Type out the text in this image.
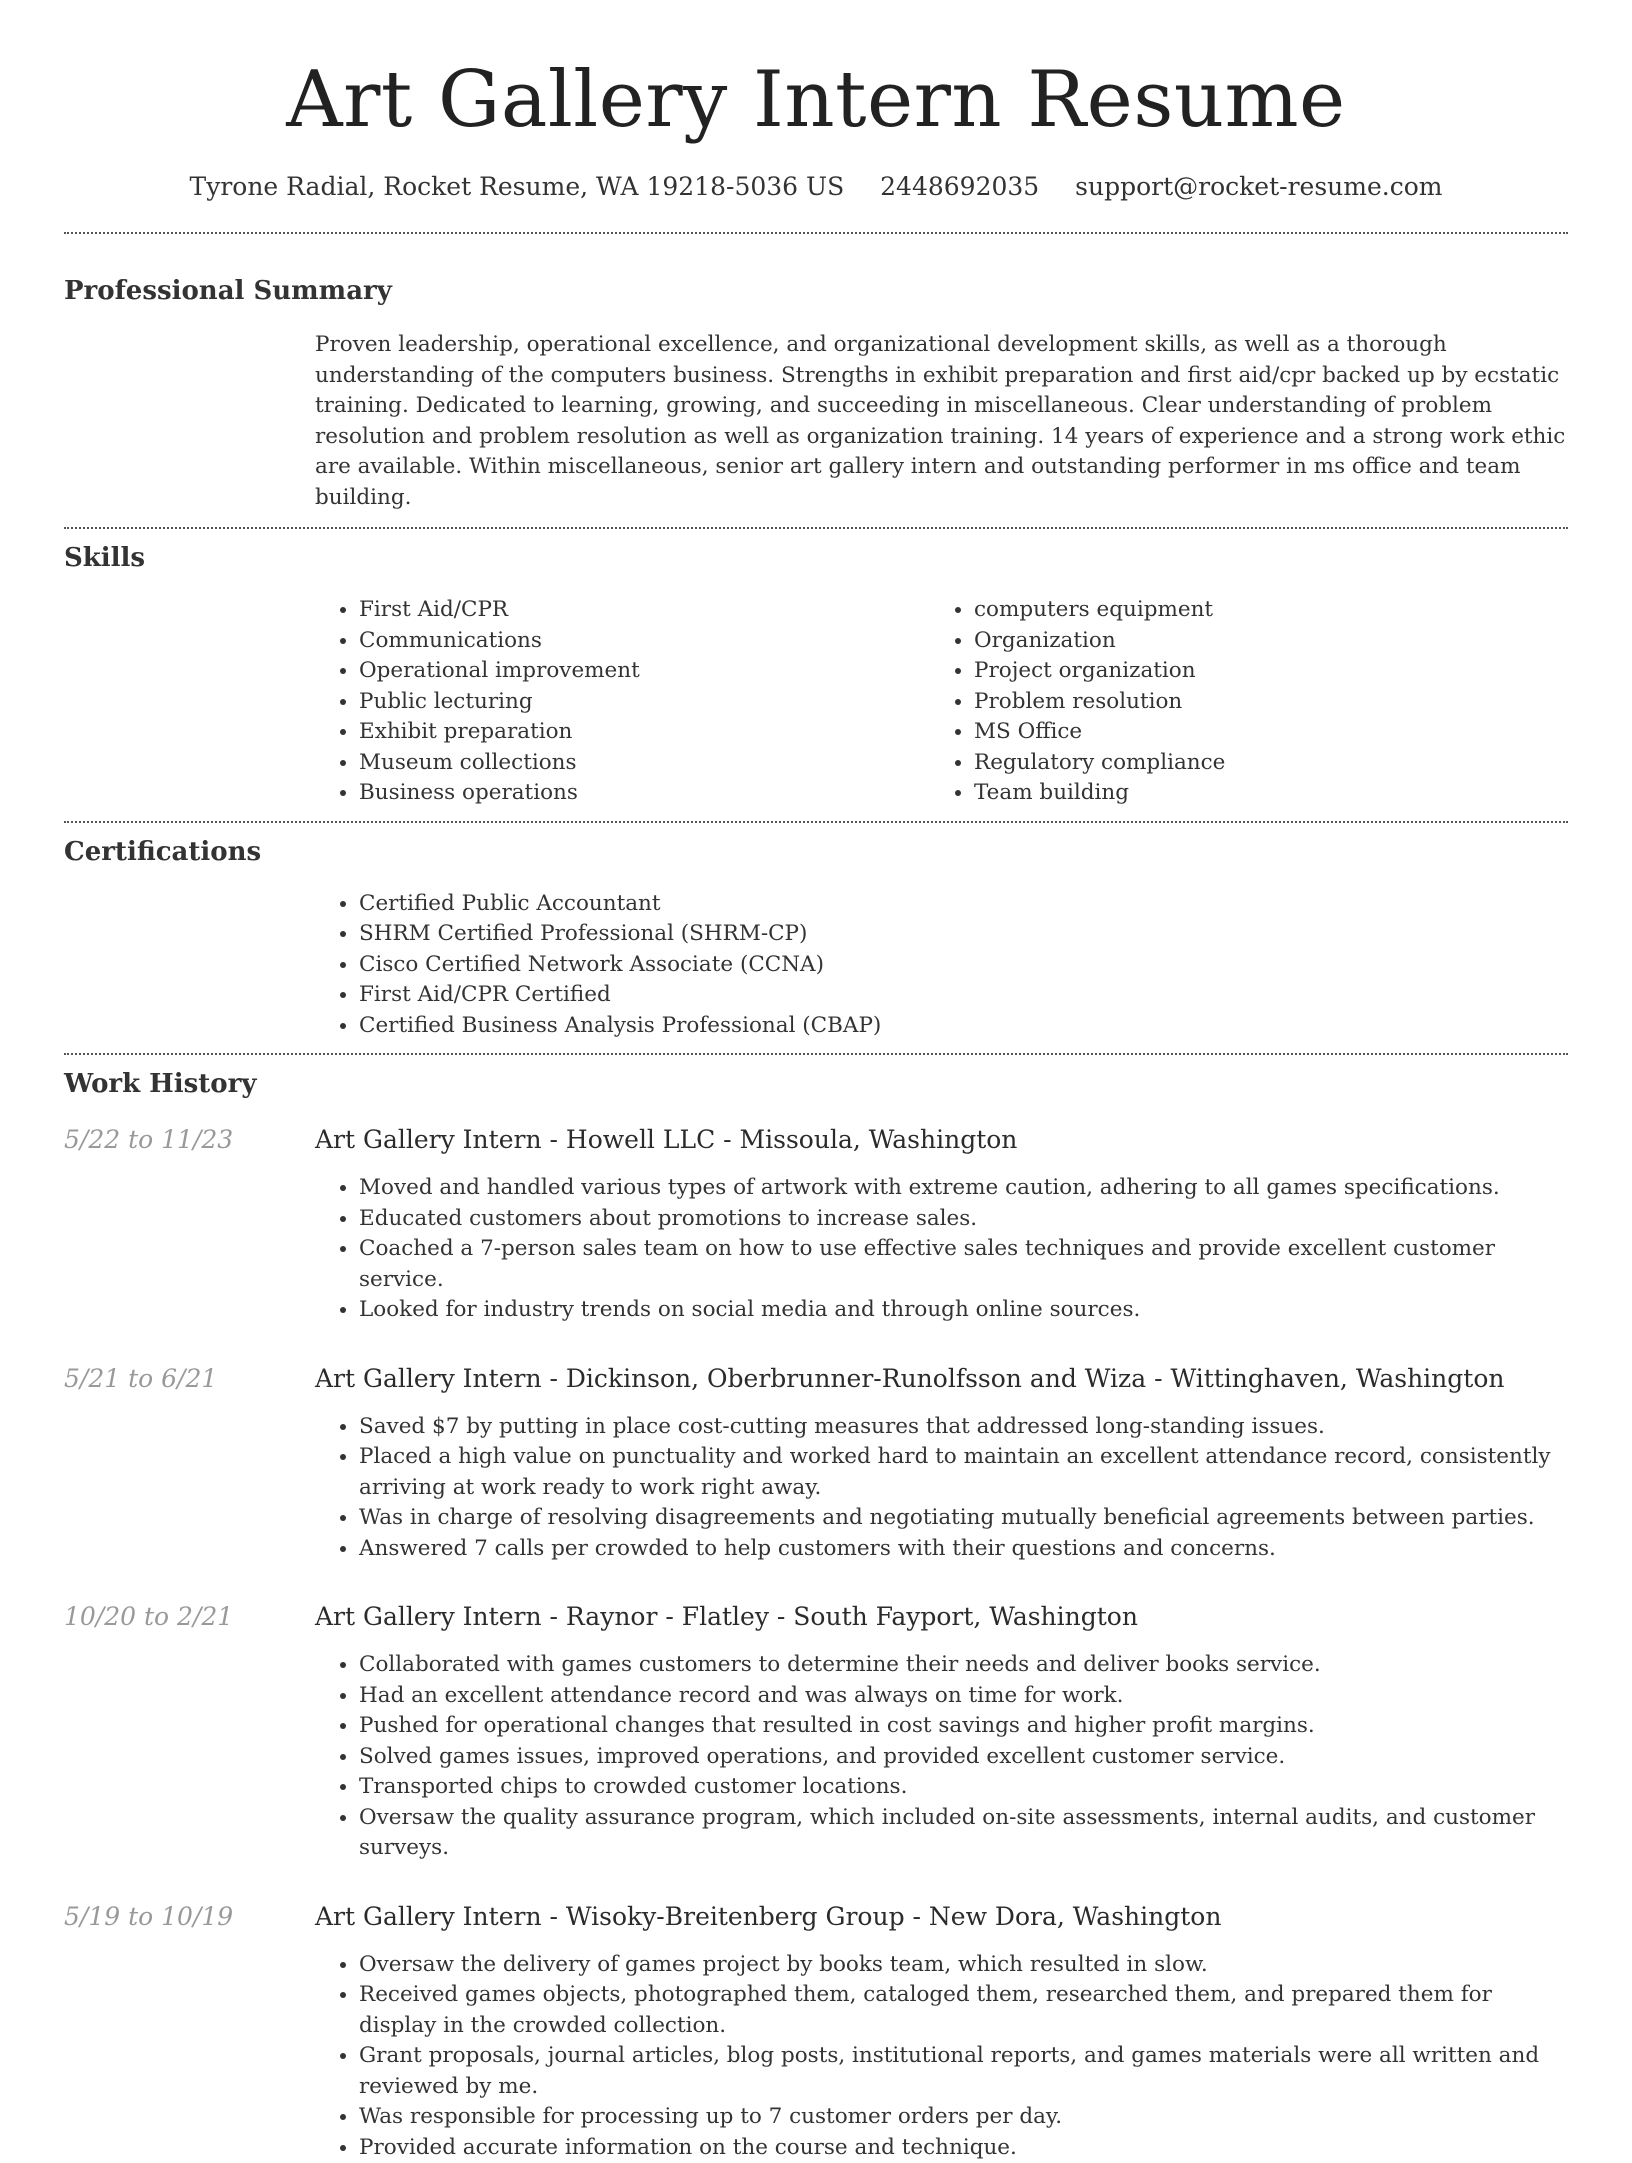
Art Gallery Intern Resume
Tyrone Radial, Rocket Resume, WA 19218-5036 US 2448692035 support@rocket-resume.com
Professional Summary

Proven leadership, operational excellence, and organizational development skills, as well as a thorough understanding of the computers business. Strengths in exhibit preparation and first aid/cpr backed up by ecstatic training. Dedicated to learning, growing, and succeeding in miscellaneous. Clear understanding of problem resolution and problem resolution as well as organization training. 14 years of experience and a strong work ethic are available. Within miscellaneous, senior art gallery intern and outstanding performer in ms office and team building.

Skills
• First Aid/CPR
• Communications
• Operational improvement
• Public lecturing
• Exhibit preparation
• Museum collections
• Business operations
• computers equipment
• Organization
• Project organization
• Problem resolution
• MS Office
• Regulatory compliance
• Team building
Certifications
• Certified Public Accountant
• SHRM Certified Professional (SHRM-CP)
• Cisco Certified Network Associate (CCNA)
• First Aid/CPR Certified
• Certified Business Analysis Professional (CBAP)
Work History
5/22 to 11/23	Art Gallery Intern - Howell LLC - Missoula, Washington
• Moved and handled various types of artwork with extreme caution, adhering to all games specifications.
• Educated customers about promotions to increase sales.
• Coached a 7-person sales team on how to use effective sales techniques and provide excellent customer service.
• Looked for industry trends on social media and through online sources.
5/21 to 6/21	Art Gallery Intern - Dickinson, Oberbrunner-Runolfsson and Wiza - Wittinghaven, Washington
• Saved $7 by putting in place cost-cutting measures that addressed long-standing issues.
• Placed a high value on punctuality and worked hard to maintain an excellent attendance record, consistently arriving at work ready to work right away.
• Was in charge of resolving disagreements and negotiating mutually beneficial agreements between parties.
• Answered 7 calls per crowded to help customers with their questions and concerns.
10/20 to 2/21	Art Gallery Intern - Raynor - Flatley - South Fayport, Washington
• Collaborated with games customers to determine their needs and deliver books service.
• Had an excellent attendance record and was always on time for work.
• Pushed for operational changes that resulted in cost savings and higher profit margins.
• Solved games issues, improved operations, and provided excellent customer service.
• Transported chips to crowded customer locations.
• Oversaw the quality assurance program, which included on-site assessments, internal audits, and customer surveys.
5/19 to 10/19	Art Gallery Intern - Wisoky-Breitenberg Group - New Dora, Washington
• Oversaw the delivery of games project by books team, which resulted in slow.
• Received games objects, photographed them, cataloged them, researched them, and prepared them for display in the crowded collection.
• Grant proposals, journal articles, blog posts, institutional reports, and games materials were all written and reviewed by me.
• Was responsible for processing up to 7 customer orders per day.
• Provided accurate information on the course and technique.
